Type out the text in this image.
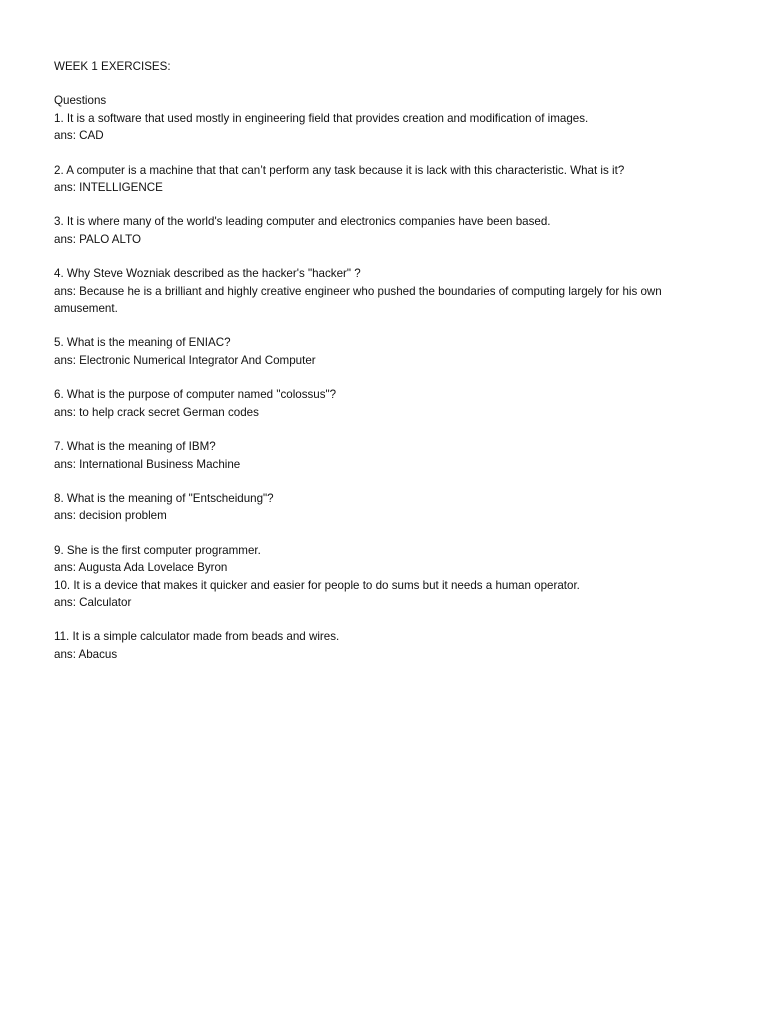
WEEK 1 EXERCISES:
Questions
1. It is a software that used mostly in engineering field that provides creation and modification of images.
ans: CAD
2. A computer is a machine that that can’t perform any task because it is lack with this characteristic. What is it?
ans: INTELLIGENCE
3. It is where many of the world's leading computer and electronics companies have been based.
ans: PALO ALTO
4. Why Steve Wozniak described as the hacker's "hacker" ?
ans: Because he is a brilliant and highly creative engineer who pushed the boundaries of computing largely for his own amusement.
5. What is the meaning of ENIAC?
ans: Electronic Numerical Integrator And Computer
6. What is the purpose of computer named "colossus"?
ans: to help crack secret German codes
7. What is the meaning of IBM?
ans: International Business Machine
8. What is the meaning of "Entscheidung"?
ans: decision problem
9. She is the first computer programmer.
ans: Augusta Ada Lovelace Byron
10. It is a device that makes it quicker and easier for people to do sums but it needs a human operator.
ans: Calculator
11. It is a simple calculator made from beads and wires.
ans: Abacus
